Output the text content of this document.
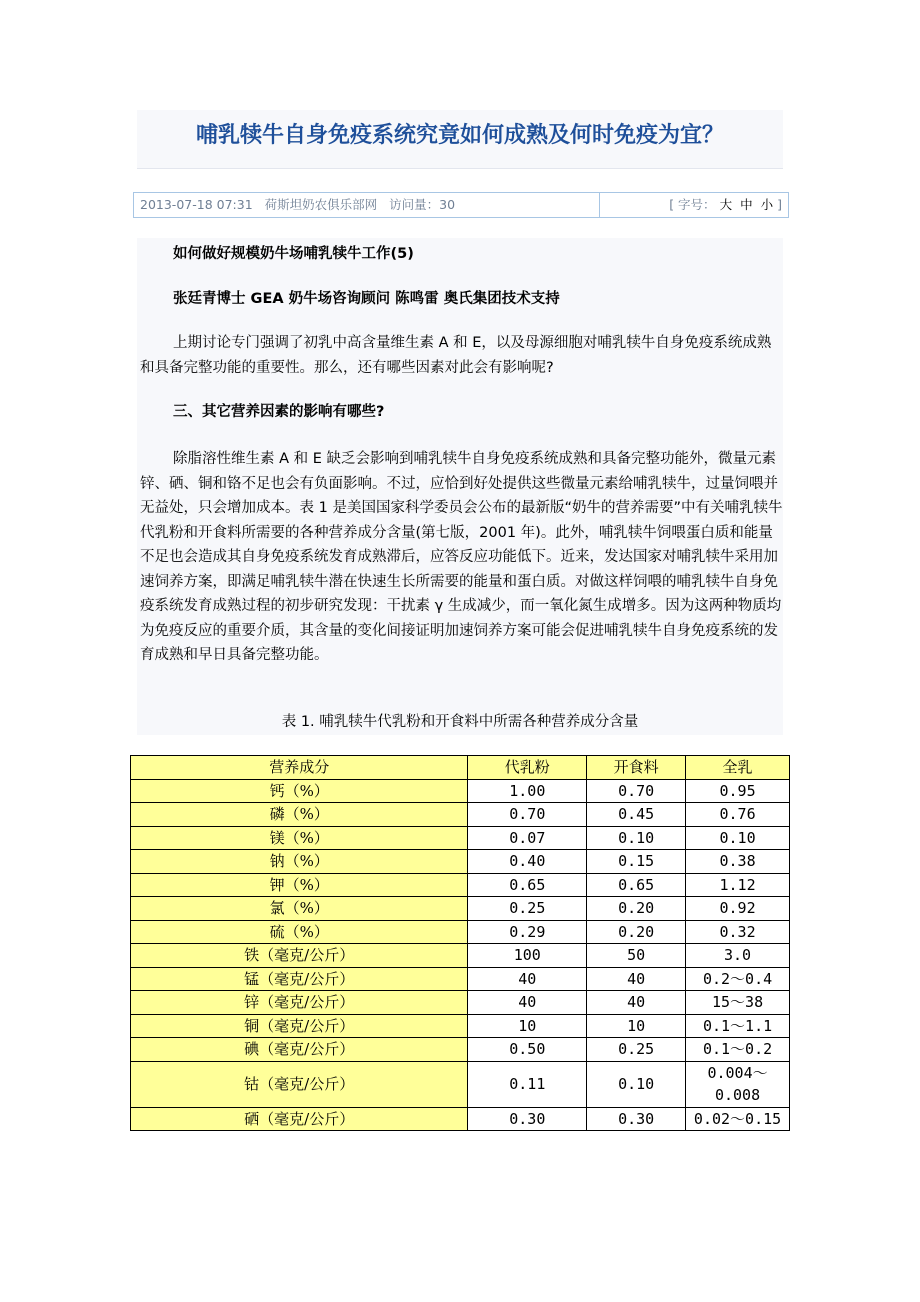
哺乳犊牛自身免疫系统究竟如何成熟及何时免疫为宜？
2013-07-18 07:31 荷斯坦奶农俱乐部网 访问量：30	[ 字号： 大 中 小 ]

如何做好规模奶牛场哺乳犊牛工作(5)

张廷青博士 GEA 奶牛场咨询顾问 陈鸣雷 奥氏集团技术支持

上期讨论专门强调了初乳中高含量维生素 A 和 E，以及母源细胞对哺乳犊牛自身免疫系统成熟和具备完整功能的重要性。那么，还有哪些因素对此会有影响呢?

三、其它营养因素的影响有哪些?

除脂溶性维生素 A 和 E 缺乏会影响到哺乳犊牛自身免疫系统成熟和具备完整功能外，微量元素锌、硒、铜和铬不足也会有负面影响。不过，应恰到好处提供这些微量元素给哺乳犊牛，过量饲喂并无益处，只会增加成本。表 1 是美国国家科学委员会公布的最新版“奶牛的营养需要”中有关哺乳犊牛代乳粉和开食料所需要的各种营养成分含量(第七版，2001 年)。此外，哺乳犊牛饲喂蛋白质和能量不足也会造成其自身免疫系统发育成熟滞后，应答反应功能低下。近来，发达国家对哺乳犊牛采用加速饲养方案，即满足哺乳犊牛潜在快速生长所需要的能量和蛋白质。对做这样饲喂的哺乳犊牛自身免疫系统发育成熟过程的初步研究发现：干扰素 γ 生成减少，而一氧化氮生成增多。因为这两种物质均为免疫反应的重要介质，其含量的变化间接证明加速饲养方案可能会促进哺乳犊牛自身免疫系统的发育成熟和早日具备完整功能。

表 1. 哺乳犊牛代乳粉和开食料中所需各种营养成分含量
营养成分	代乳粉	开食料	全乳
钙（%）	1.00	0.70	0.95
磷（%）	0.70	0.45	0.76
镁（%）	0.07	0.10	0.10
钠（%）	0.40	0.15	0.38
钾（%）	0.65	0.65	1.12
氯（%）	0.25	0.20	0.92
硫（%）	0.29	0.20	0.32
铁（毫克/公斤）	100	50	3.0
锰（毫克/公斤）	40	40	0.2～0.4
锌（毫克/公斤）	40	40	15～38
铜（毫克/公斤）	10	10	0.1～1.1
碘（毫克/公斤）	0.50	0.25	0.1～0.2
钴（毫克/公斤）	0.11	0.10	0.004～
0.008
硒（毫克/公斤）	0.30	0.30	0.02～0.15
